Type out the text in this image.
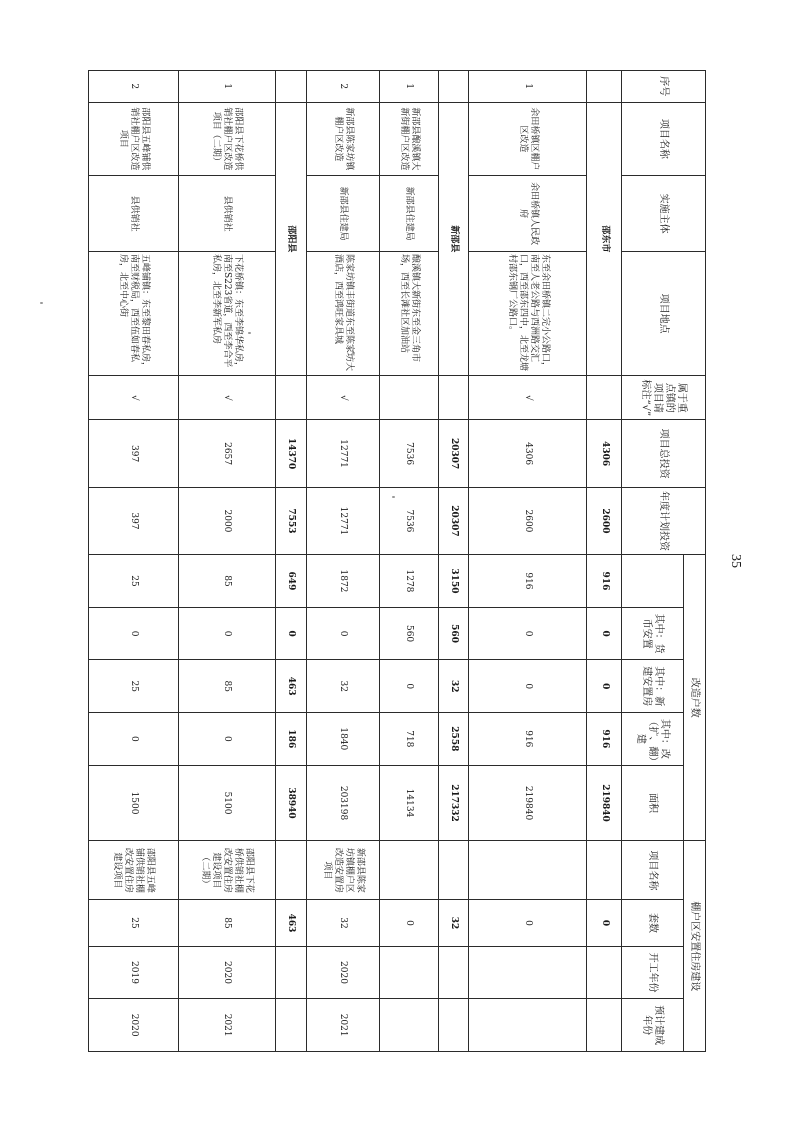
序号	项目名称	实施主体	项目地点	属于重点镇的项目请标注“√”	项目总投资	年度计划投资	改造户数					棚户区安置住房建设			
								其中：货币安置	其中：新建安置房	其中：改（扩、翻）建	面积	项目名称	套数	开工年份	预计建成年份
	邵东市				4306	2600	916	0	0	916	219840		0		
1	余田桥镇区棚户区改造	余田桥镇人民政府	东至余田桥镇二完小公路口，南至人老公路与西洲路交汇口，西至邵东四中，北至龙塘村邵东钢厂公路口。	√	4306	2600	916	0	0	916	219840		0		
	新邵县				20307	20307	3150	560	32	2558	217332		32		
1	新邵县酿溪镇大新街棚户区改造	新邵县住建局	酿溪镇大新街东至金三角市场，西至长滩社区加油站		7536	7536	1278	560	0	718	14134		0		
2	新邵县陈家坊镇棚户区改造	新邵县住建局	陈家坊镇丰街道东至陈家坊大酒店，西至鸿旺家具城	√	12771	12771	1872	0	32	1840	203198	新邵县陈家坊镇棚户区改造安置房项目	32	2020	2021
	邵阳县				14370	7553	649	0	463	186	38940		463		
1	邵阳县下花桥供销社棚户区改造项目（二期）	县供销社	下花桥镇：东至李锦华私房，南至S223省道，西至李合平私房，北至李新军私房	√	2657	2000	85	0	85	0	5100	邵阳县下花桥供销社棚改安置住房建设项目（二期）	85	2020	2021
2	邵阳县五峰铺供销社棚户区改造项目	县供销社	五峰铺镇：东至黎田春私房，南至财税局，西至伍如春私房，北至中心街	√	397	397	25	0	25	0	1500	邵阳县五峰铺供销社棚改安置住房建设项目	25	2019	2020
35
